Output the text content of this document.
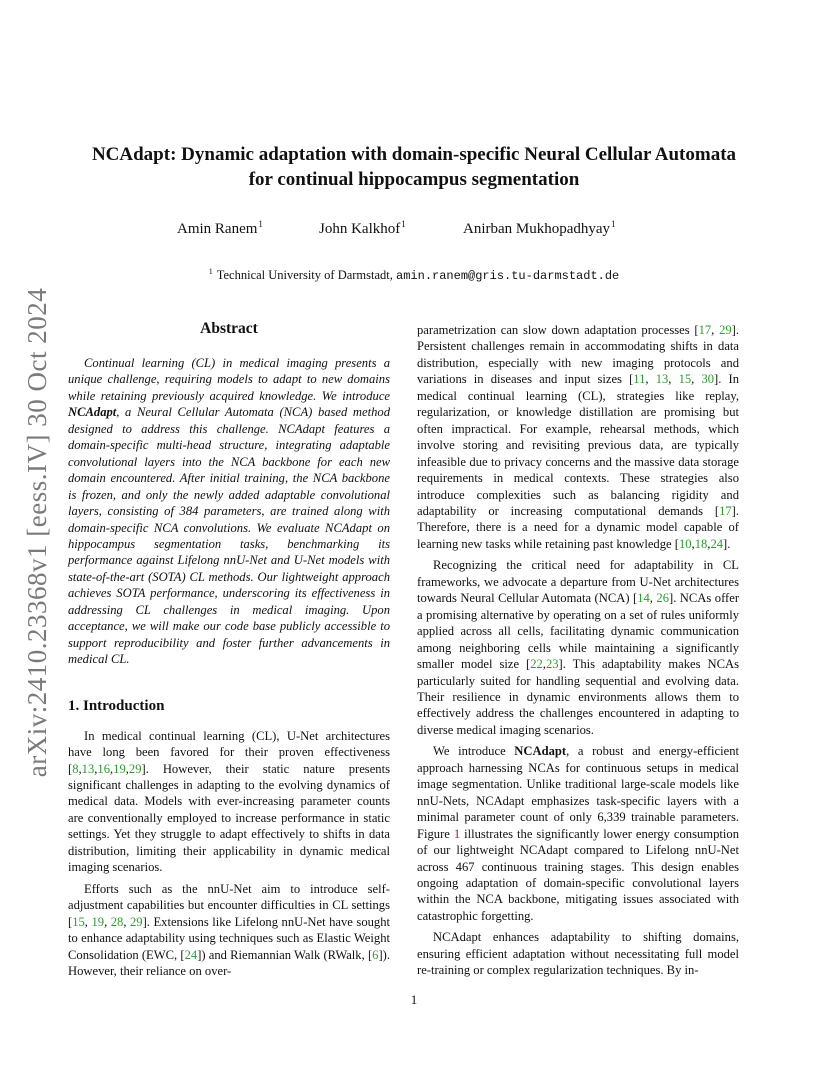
arXiv:2410.23368v1 [eess.IV] 30 Oct 2024
NCAdapt: Dynamic adaptation with domain-specific Neural Cellular Automata
for continual hippocampus segmentation
Amin Ranem$^1$	John Kalkhof$^1$	Anirban Mukhopadhyay$^1$
$^1$ Technical University of Darmstadt, amin.ranem@gris.tu-darmstadt.de
Abstract

Continual learning (CL) in medical imaging presents a unique challenge, requiring models to adapt to new domains while retaining previously acquired knowledge. We introduce NCAdapt, a Neural Cellular Automata (NCA) based method designed to address this challenge. NCAdapt features a domain-specific multi-head structure, integrating adaptable convolutional layers into the NCA backbone for each new domain encountered. After initial training, the NCA backbone is frozen, and only the newly added adaptable convolutional layers, consisting of 384 parameters, are trained along with domain-specific NCA convolutions. We evaluate NCAdapt on hippocampus segmentation tasks, benchmarking its performance against Lifelong nnU-Net and U-Net models with state-of-the-art (SOTA) CL methods. Our lightweight approach achieves SOTA performance, underscoring its effectiveness in addressing CL challenges in medical imaging. Upon acceptance, we will make our code base publicly accessible to support reproducibility and foster further advancements in medical CL.

1. Introduction

In medical continual learning (CL), U-Net architectures have long been favored for their proven effectiveness [8,13,16,19,29]. However, their static nature presents significant challenges in adapting to the evolving dynamics of medical data. Models with ever-increasing parameter counts are conventionally employed to increase performance in static settings. Yet they struggle to adapt effectively to shifts in data distribution, limiting their applicability in dynamic medical imaging scenarios.

Efforts such as the nnU-Net aim to introduce self-adjustment capabilities but encounter difficulties in CL settings [15, 19, 28, 29]. Extensions like Lifelong nnU-Net have sought to enhance adaptability using techniques such as Elastic Weight Consolidation (EWC, [24]) and Riemannian Walk (RWalk, [6]). However, their reliance on over-

parametrization can slow down adaptation processes [17, 29]. Persistent challenges remain in accommodating shifts in data distribution, especially with new imaging protocols and variations in diseases and input sizes [11, 13, 15, 30]. In medical continual learning (CL), strategies like replay, regularization, or knowledge distillation are promising but often impractical. For example, rehearsal methods, which involve storing and revisiting previous data, are typically infeasible due to privacy concerns and the massive data storage requirements in medical contexts. These strategies also introduce complexities such as balancing rigidity and adaptability or increasing computational demands [17]. Therefore, there is a need for a dynamic model capable of learning new tasks while retaining past knowledge [10,18,24].

Recognizing the critical need for adaptability in CL frameworks, we advocate a departure from U-Net architectures towards Neural Cellular Automata (NCA) [14, 26]. NCAs offer a promising alternative by operating on a set of rules uniformly applied across all cells, facilitating dynamic communication among neighboring cells while maintaining a significantly smaller model size [22,23]. This adaptability makes NCAs particularly suited for handling sequential and evolving data. Their resilience in dynamic environments allows them to effectively address the challenges encountered in adapting to diverse medical imaging scenarios.

We introduce NCAdapt, a robust and energy-efficient approach harnessing NCAs for continuous setups in medical image segmentation. Unlike traditional large-scale models like nnU-Nets, NCAdapt emphasizes task-specific layers with a minimal parameter count of only 6,339 trainable parameters. Figure 1 illustrates the significantly lower energy consumption of our lightweight NCAdapt compared to Lifelong nnU-Net across 467 continuous training stages. This design enables ongoing adaptation of domain-specific convolutional layers within the NCA backbone, mitigating issues associated with catastrophic forgetting.

NCAdapt enhances adaptability to shifting domains, ensuring efficient adaptation without necessitating full model re-training or complex regularization techniques. By in-

1
